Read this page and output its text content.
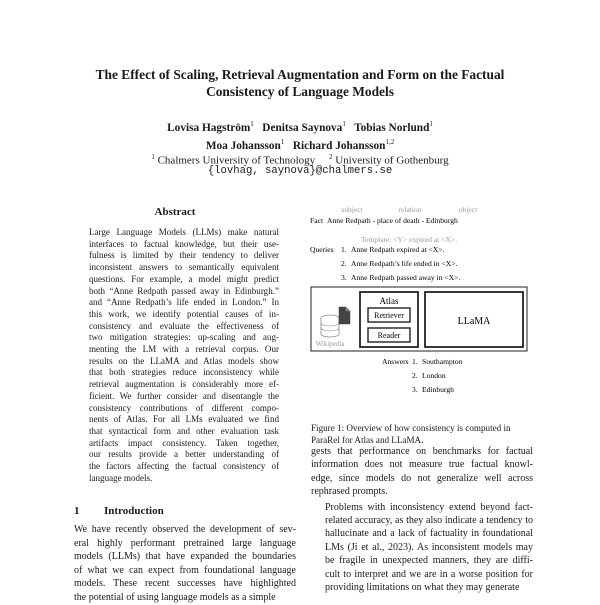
The Effect of Scaling, Retrieval Augmentation and Form on the Factual
Consistency of Language Models
Lovisa Hagström$^1$ Denitsa Saynova$^1$ Tobias Norlund$^1$
Moa Johansson$^1$ Richard Johansson$^{1,2}$
$^1$ Chalmers University of Technology $^2$ University of Gothenburg
{lovhag, saynova}@chalmers.se
Abstract
Large Language Models (LLMs) make natural
interfaces to factual knowledge, but their use-
fulness is limited by their tendency to deliver
inconsistent answers to semantically equivalent
questions. For example, a model might predict
both “Anne Redpath passed away in Edinburgh.”
and “Anne Redpath’s life ended in London.” In
this work, we identify potential causes of in-
consistency and evaluate the effectiveness of
two mitigation strategies: up-scaling and aug-
menting the LM with a retrieval corpus. Our
results on the LLaMA and Atlas models show
that both strategies reduce inconsistency while
retrieval augmentation is considerably more ef-
ficient. We further consider and disentangle the
consistency contributions of different compo-
nents of Atlas. For all LMs evaluated we find
that syntactical form and other evaluation task
artifacts impact consistency. Taken together,
our results provide a better understanding of
the factors affecting the factual consistency of
language models.
1 Introduction
We have recently observed the development of sev-
eral highly performant pretrained large language
models (LLMs) that have expanded the boundaries
of what we can expect from foundational language
models. These recent successes have highlighted
the potential of using language models as a simple
subject	relation	object
Fact Anne Redpath - place of death - Edinburgh
Template: <Y> expired at <X>.
Queries 1. Anne Redpath expired at <X>.
2. Anne Redpath’s life ended in <X>.
3. Anne Redpath passed away in <X>.
Atlas
Retriever
Reader
Wikipedia
LLaMA
Answers 1. Southampton
2. London
3. Edinburgh
Figure 1: Overview of how consistency is computed in
ParaRel for Atlas and LLaMA.

gests that performance on benchmarks for factual
information does not measure true factual knowl-
edge, since models do not generalize well across
rephrased prompts.

Problems with inconsistency extend beyond fact-
related accuracy, as they also indicate a tendency to
hallucinate and a lack of factuality in foundational
LMs (Ji et al., 2023). As inconsistent models may
be fragile in unexpected manners, they are diffi-
cult to interpret and we are in a worse position for
providing limitations on what they may generate
